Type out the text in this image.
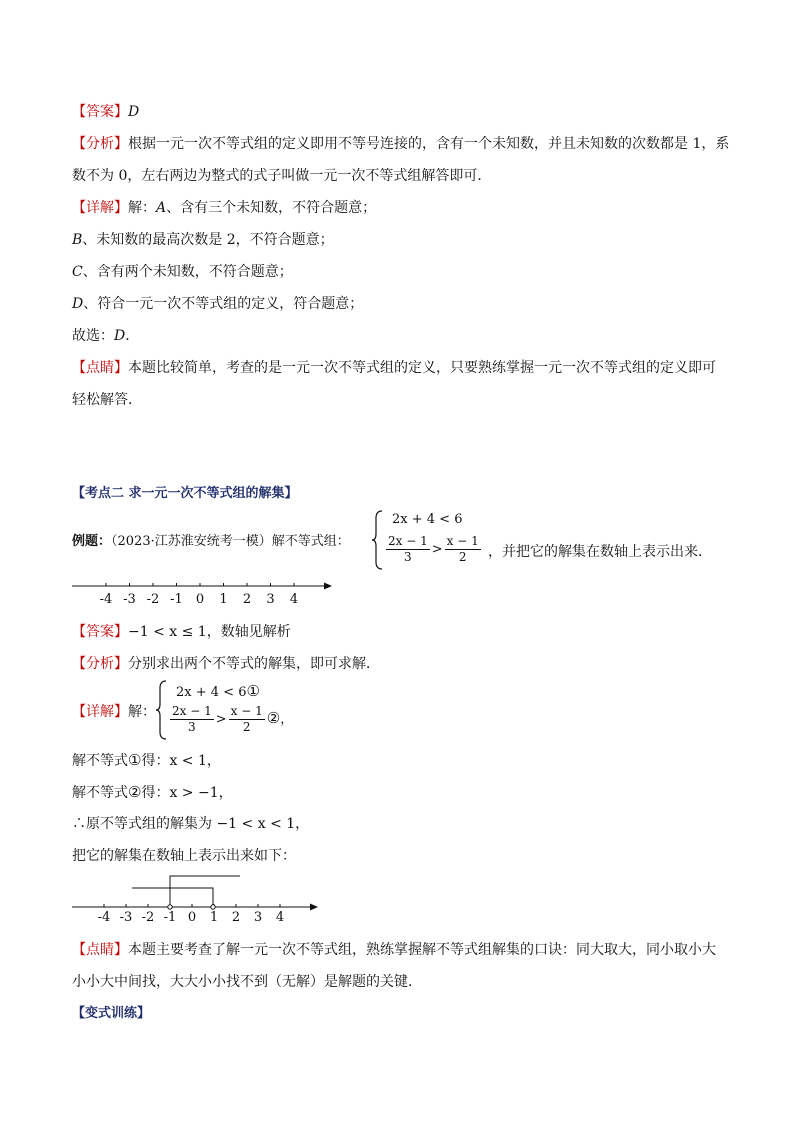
【答案】D
【分析】根据一元一次不等式组的定义即用不等号连接的，含有一个未知数，并且未知数的次数都是 1，系
数不为 0，左右两边为整式的式子叫做一元一次不等式组解答即可．
【详解】解：A、含有三个未知数，不符合题意；
B、未知数的最高次数是 2，不符合题意；
C、含有两个未知数，不符合题意；
D、符合一元一次不等式组的定义，符合题意；
故选：D．
【点睛】本题比较简单，考查的是一元一次不等式组的定义，只要熟练掌握一元一次不等式组的定义即可
轻松解答．
【考点二 求一元一次不等式组的解集】
例题：（2023·江苏淮安统考一模）解不等式组：
2x + 4 < 6
$\frac{2x - 1}{3} > \frac{x - 1}{2}$ ，并把它的解集在数轴上表示出来．
-4 -3 -2 -1 0 1 2 3 4
【答案】−1 < x ≤ 1，数轴见解析
【分析】分别求出两个不等式的解集，即可求解．
【详解】解：
2x + 4 < 6①
$\frac{2x - 1}{3} > \frac{x - 1}{2}$ ②，
解不等式①得：x < 1，
解不等式②得：x > −1，
∴原不等式组的解集为 −1 < x < 1，
把它的解集在数轴上表示出来如下：
-4 -3 -2 -1 0 1 2 3 4
【点睛】本题主要考查了解一元一次不等式组，熟练掌握解不等式组解集的口诀：同大取大，同小取小大
小小大中间找，大大小小找不到（无解）是解题的关键．
【变式训练】
